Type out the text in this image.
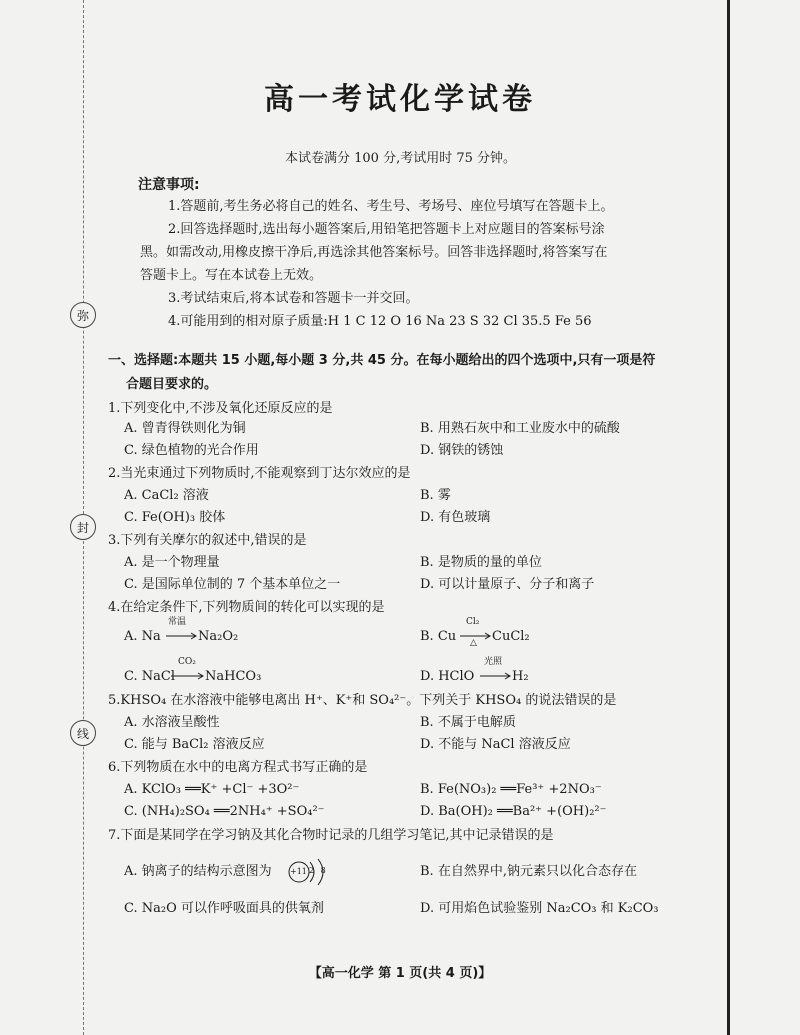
弥
封
线
高一考试化学试卷
本试卷满分 100 分,考试用时 75 分钟。
注意事项:
1.答题前,考生务必将自己的姓名、考生号、考场号、座位号填写在答题卡上。
2.回答选择题时,选出每小题答案后,用铅笔把答题卡上对应题目的答案标号涂
黑。如需改动,用橡皮擦干净后,再选涂其他答案标号。回答非选择题时,将答案写在
答题卡上。写在本试卷上无效。
3.考试结束后,将本试卷和答题卡一并交回。
4.可能用到的相对原子质量:H 1 C 12 O 16 Na 23 S 32 Cl 35.5 Fe 56
一、选择题:本题共 15 小题,每小题 3 分,共 45 分。在每小题给出的四个选项中,只有一项是符
合题目要求的。
1.下列变化中,不涉及氧化还原反应的是
A. 曾青得铁则化为铜	B. 用熟石灰中和工业废水中的硫酸
C. 绿色植物的光合作用	D. 钢铁的锈蚀
2.当光束通过下列物质时,不能观察到丁达尔效应的是
A. CaCl₂ 溶液	B. 雾
C. Fe(OH)₃ 胶体	D. 有色玻璃
3.下列有关摩尔的叙述中,错误的是
A. 是一个物理量	B. 是物质的量的单位
C. 是国际单位制的 7 个基本单位之一	D. 可以计量原子、分子和离子
4.在给定条件下,下列物质间的转化可以实现的是
A. Na
常温
Na₂O₂	B. Cu
Cl₂
△ CuCl₂
C. NaCl
CO₂
NaHCO₃	D. HClO
光照
H₂
5.KHSO₄ 在水溶液中能够电离出 H⁺、K⁺和 SO₄²⁻。下列关于 KHSO₄ 的说法错误的是
A. 水溶液呈酸性	B. 不属于电解质
C. 能与 BaCl₂ 溶液反应	D. 不能与 NaCl 溶液反应
6.下列物质在水中的电离方程式书写正确的是
A. KClO₃ ══K⁺ +Cl⁻ +3O²⁻	B. Fe(NO₃)₂ ══Fe³⁺ +2NO₃⁻
C. (NH₄)₂SO₄ ══2NH₄⁺ +SO₄²⁻	D. Ba(OH)₂ ══Ba²⁺ +(OH)₂²⁻
7.下面是某同学在学习钠及其化合物时记录的几组学习笔记,其中记录错误的是
A. 钠离子的结构示意图为 +11 2 8	B. 在自然界中,钠元素只以化合态存在
C. Na₂O 可以作呼吸面具的供氧剂	D. 可用焰色试验鉴别 Na₂CO₃ 和 K₂CO₃
【高一化学 第 1 页(共 4 页)】
